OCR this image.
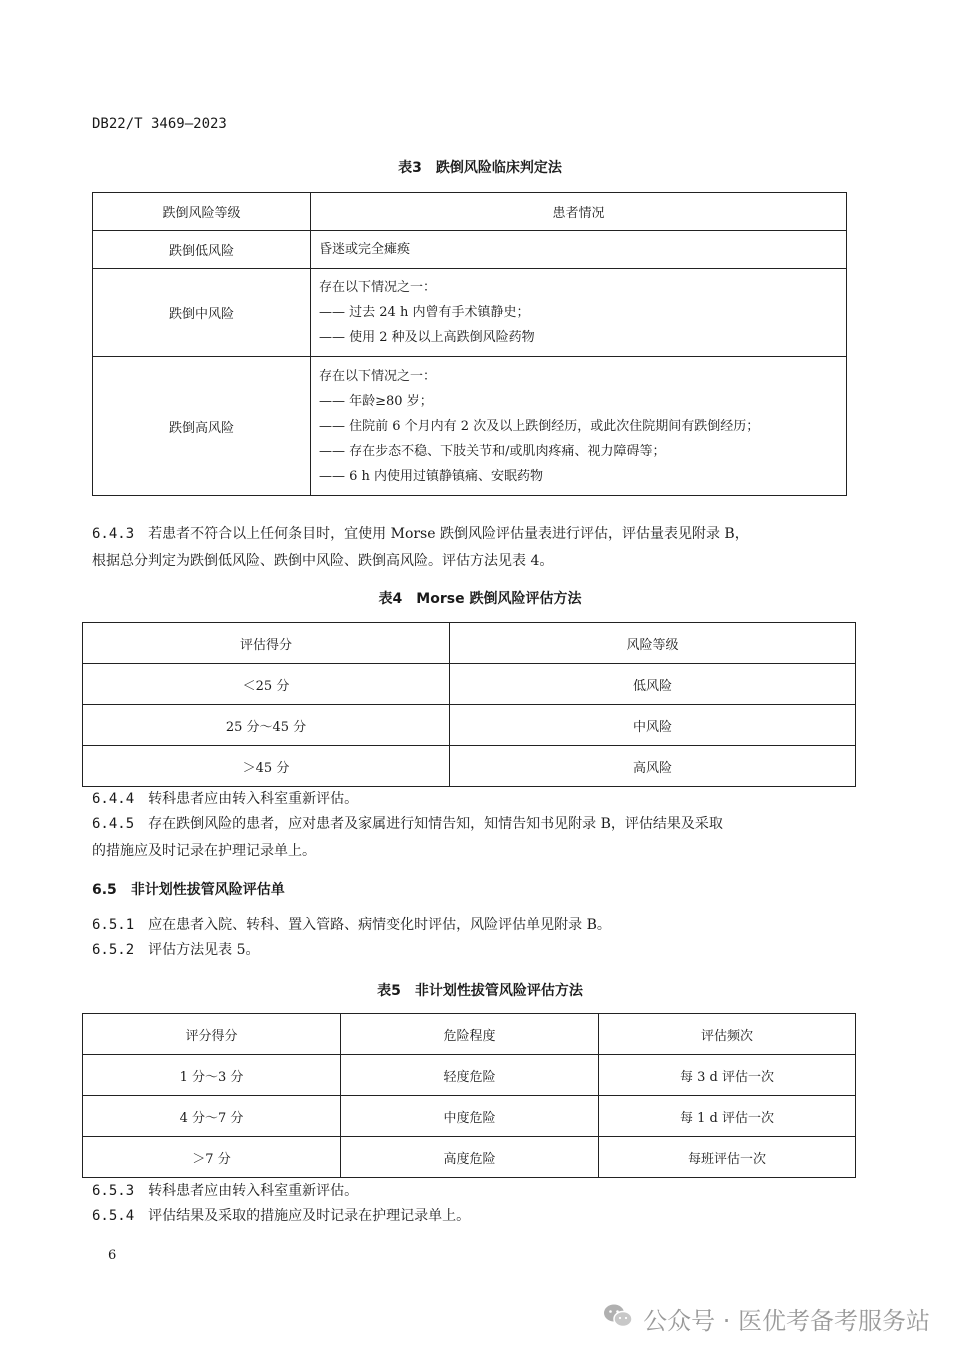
DB22/T 3469—2023
表3　跌倒风险临床判定法
跌倒风险等级	患者情况
跌倒低风险	昏迷或完全瘫痪

跌倒中风险	存在以下情况之一：
—— 过去 24 h 内曾有手术镇静史；
—— 使用 2 种及以上高跌倒风险药物

跌倒高风险	存在以下情况之一：
—— 年龄≥80 岁；
—— 住院前 6 个月内有 2 次及以上跌倒经历，或此次住院期间有跌倒经历；
—— 存在步态不稳、下肢关节和/或肌肉疼痛、视力障碍等；
—— 6 h 内使用过镇静镇痛、安眠药物
6.4.3 若患者不符合以上任何条目时，宜使用 Morse 跌倒风险评估量表进行评估，评估量表见附录 B，
根据总分判定为跌倒低风险、跌倒中风险、跌倒高风险。评估方法见表 4。
表4　Morse 跌倒风险评估方法
评估得分	风险等级
＜25 分	低风险
25 分～45 分	中风险
＞45 分	高风险
6.4.4 转科患者应由转入科室重新评估。
6.4.5 存在跌倒风险的患者，应对患者及家属进行知情告知，知情告知书见附录 B，评估结果及采取
的措施应及时记录在护理记录单上。
6.5 非计划性拔管风险评估单
6.5.1 应在患者入院、转科、置入管路、病情变化时评估，风险评估单见附录 B。
6.5.2 评估方法见表 5。
表5　非计划性拔管风险评估方法
评分得分	危险程度	评估频次
1 分～3 分	轻度危险	每 3 d 评估一次
4 分～7 分	中度危险	每 1 d 评估一次
＞7 分	高度危险	每班评估一次
6.5.3 转科患者应由转入科室重新评估。
6.5.4 评估结果及采取的措施应及时记录在护理记录单上。
6
公众号 · 医优考备考服务站
